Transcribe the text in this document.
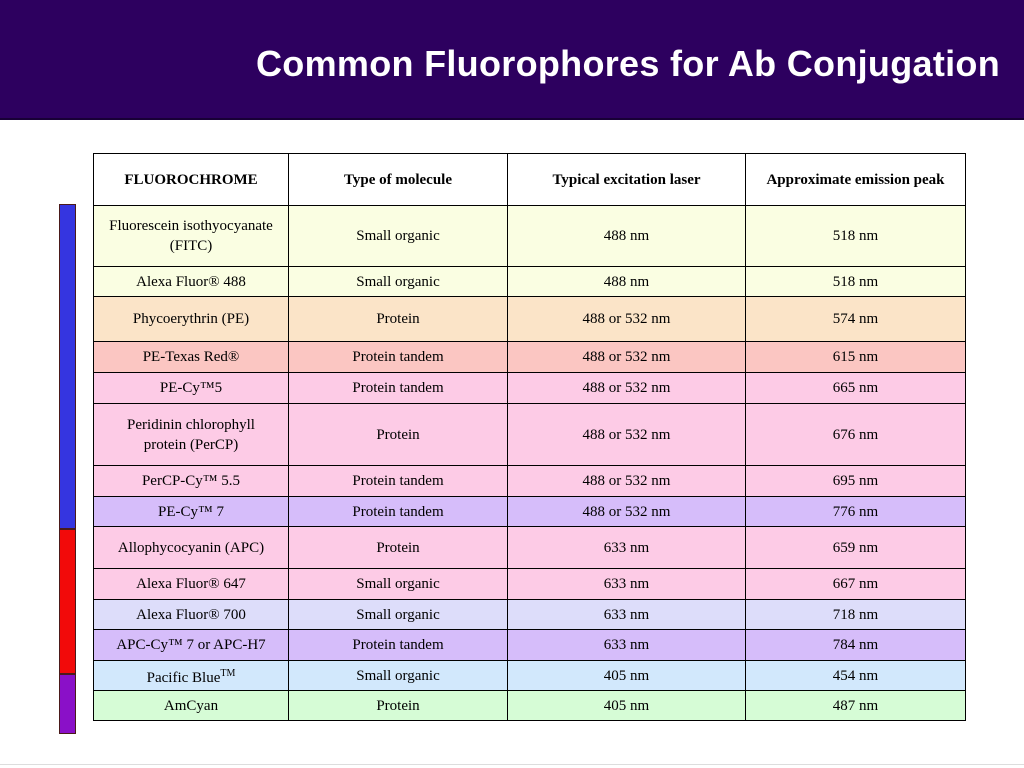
Common Fluorophores for Ab Conjugation
FLUOROCHROME	Type of molecule	Typical excitation laser	Approximate emission peak
Fluorescein isothyocyanate (FITC)	Small organic	488 nm	518 nm
Alexa Fluor® 488	Small organic	488 nm	518 nm
Phycoerythrin (PE)	Protein	488 or 532 nm	574 nm
PE-Texas Red®	Protein tandem	488 or 532 nm	615 nm
PE-Cy™5	Protein tandem	488 or 532 nm	665 nm
Peridinin chlorophyll protein (PerCP)	Protein	488 or 532 nm	676 nm
PerCP-Cy™ 5.5	Protein tandem	488 or 532 nm	695 nm
PE-Cy™ 7	Protein tandem	488 or 532 nm	776 nm
Allophycocyanin (APC)	Protein	633 nm	659 nm
Alexa Fluor® 647	Small organic	633 nm	667 nm
Alexa Fluor® 700	Small organic	633 nm	718 nm
APC-Cy™ 7 or APC-H7	Protein tandem	633 nm	784 nm
Pacific Blue™	Small organic	405 nm	454 nm
AmCyan	Protein	405 nm	487 nm
